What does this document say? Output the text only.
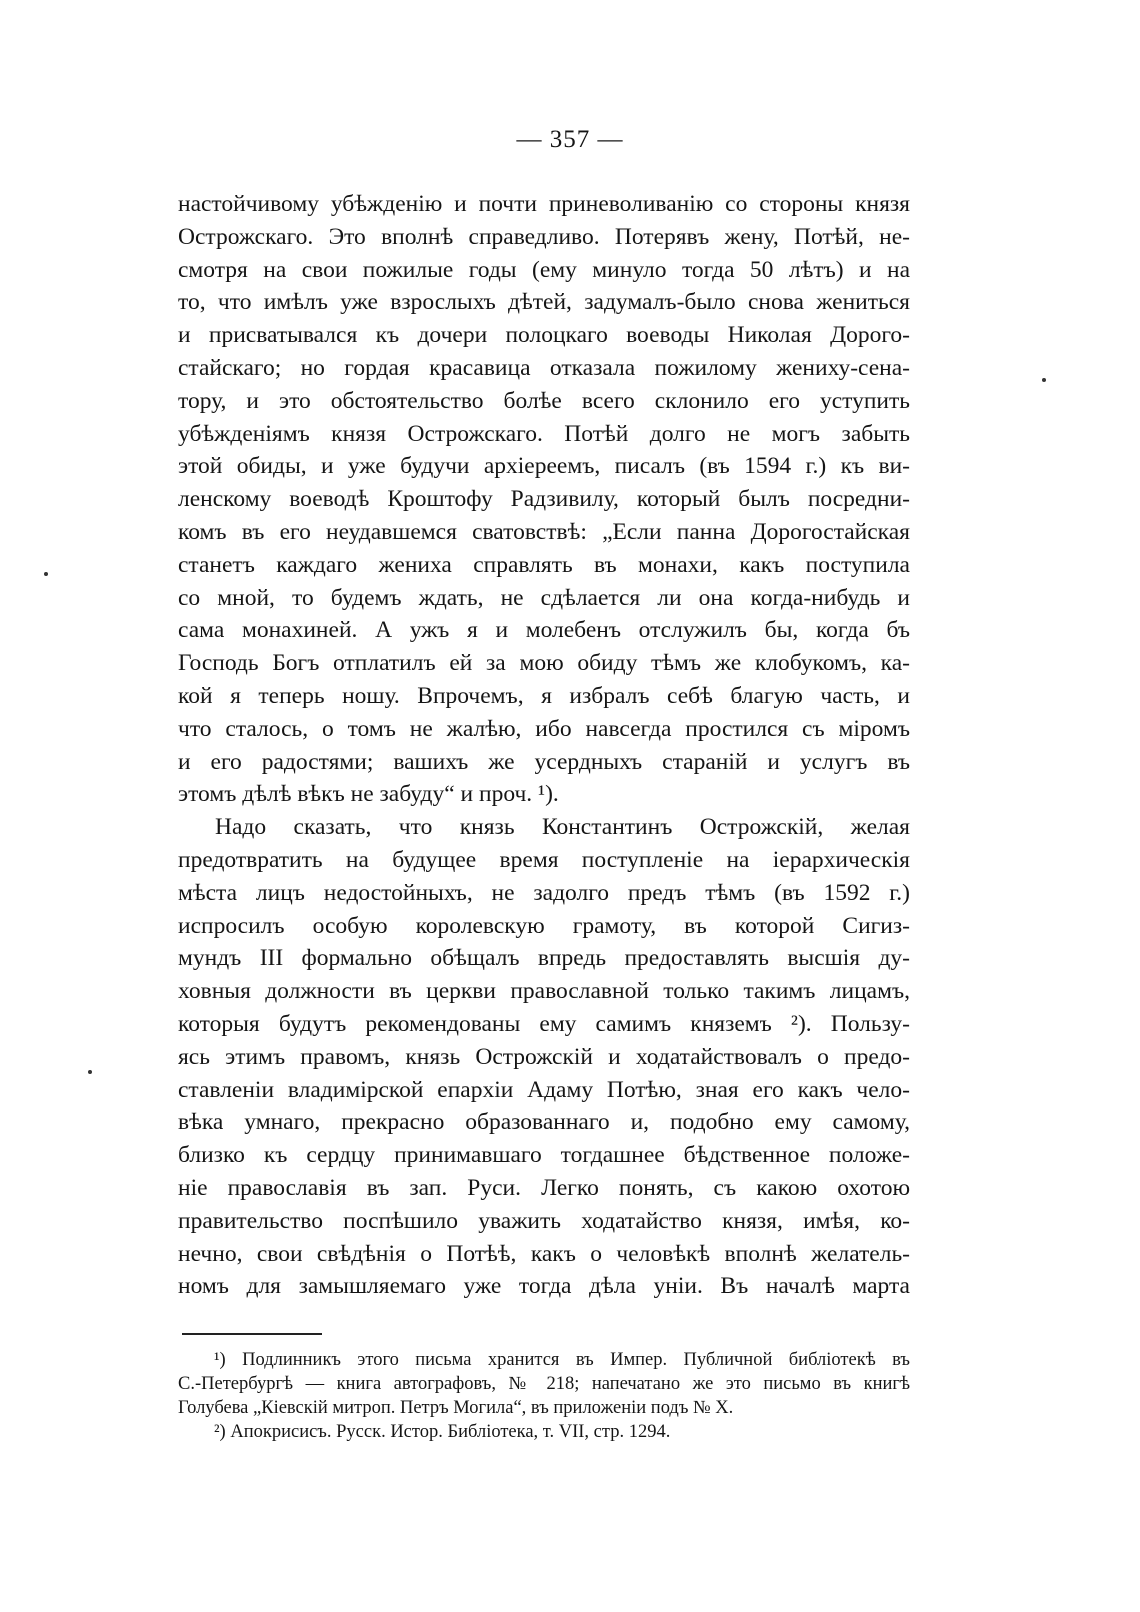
— 357 —
настойчивому убѣжденію и почти приневоливанію со стороны князя
Острожскаго. Это вполнѣ справедливо. Потерявъ жену, Потѣй, не-
смотря на свои пожилые годы (ему минуло тогда 50 лѣтъ) и на
то, что имѣлъ уже взрослыхъ дѣтей, задумалъ-было снова жениться
и присватывался къ дочери полоцкаго воеводы Николая Дорого-
стайскаго; но гордая красавица отказала пожилому жениху-сена-
тору, и это обстоятельство болѣе всего склонило его уступить
убѣжденіямъ князя Острожскаго. Потѣй долго не могъ забыть
этой обиды, и уже будучи архіереемъ, писалъ (въ 1594 г.) къ ви-
ленскому воеводѣ Кроштофу Радзивилу, который былъ посредни-
комъ въ его неудавшемся сватовствѣ: „Если панна Дорогостайская
станетъ каждаго жениха справлять въ монахи, какъ поступила
со мной, то будемъ ждать, не сдѣлается ли она когда-нибудь и
сама монахиней. А ужъ я и молебенъ отслужилъ бы, когда бъ
Господь Богъ отплатилъ ей за мою обиду тѣмъ же клобукомъ, ка-
кой я теперь ношу. Впрочемъ, я избралъ себѣ благую часть, и
что сталось, о томъ не жалѣю, ибо навсегда простился съ міромъ
и его радостями; вашихъ же усердныхъ стараній и услугъ въ
этомъ дѣлѣ вѣкъ не забуду“ и проч. ¹).
Надо сказать, что князь Константинъ Острожскій, желая
предотвратить на будущее время поступленіе на іерархическія
мѣста лицъ недостойныхъ, не задолго предъ тѣмъ (въ 1592 г.)
испросилъ особую королевскую грамоту, въ которой Сигиз-
мундъ III формально обѣщалъ впредь предоставлять высшія ду-
ховныя должности въ церкви православной только такимъ лицамъ,
которыя будутъ рекомендованы ему самимъ княземъ ²). Пользу-
ясь этимъ правомъ, князь Острожскій и ходатайствовалъ о предо-
ставленіи владимірской епархіи Адаму Потѣю, зная его какъ чело-
вѣка умнаго, прекрасно образованнаго и, подобно ему самому,
близко къ сердцу принимавшаго тогдашнее бѣдственное положе-
ніе православія въ зап. Руси. Легко понять, съ какою охотою
правительство поспѣшило уважить ходатайство князя, имѣя, ко-
нечно, свои свѣдѣнія о Потѣѣ, какъ о человѣкѣ вполнѣ желатель-
номъ для замышляемаго уже тогда дѣла уніи. Въ началѣ марта
¹) Подлинникъ этого письма хранится въ Импер. Публичной библіотекѣ въ
С.-Петербургѣ — книга автографовъ, № 218; напечатано же это письмо въ книгѣ
Голубева „Кіевскій митроп. Петръ Могила“, въ приложеніи подъ № X.
²) Апокрисисъ. Русск. Истор. Библіотека, т. VII, стр. 1294.
